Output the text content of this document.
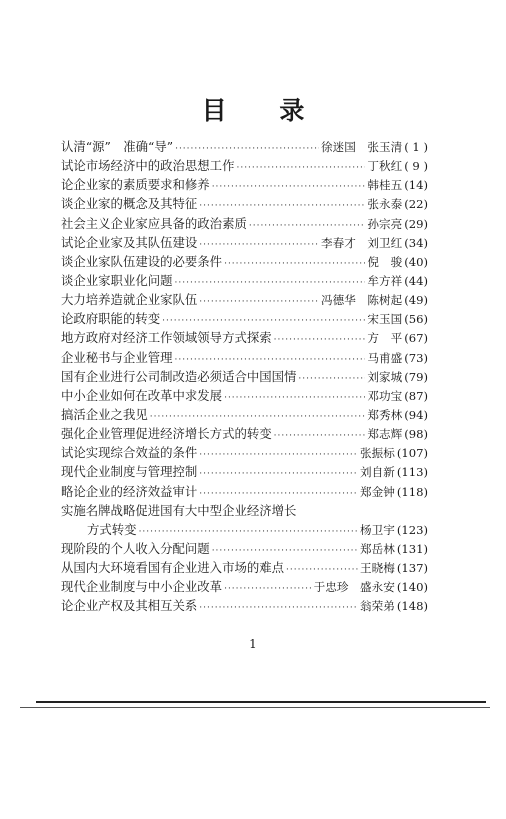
目 录
认清“源”　准确“导” ·····	徐迷国　张玉清 ( 1 )
试论市场经济中的政治思想工作 ·····	丁秋红 ( 9 )
论企业家的素质要求和修养 ·····	韩桂五 (14)
谈企业家的概念及其特征 ·····	张永泰 (22)
社会主义企业家应具备的政治素质 ·····	孙宗亮 (29)
试论企业家及其队伍建设 ·····	李春才　刘卫红 (34)
谈企业家队伍建设的必要条件 ·····	倪　骏 (40)
谈企业家职业化问题 ·····	牟方祥 (44)
大力培养造就企业家队伍 ·····	冯德华　陈树起 (49)
论政府职能的转变 ·····	宋玉国 (56)
地方政府对经济工作领域领导方式探索 ·····	方　平 (67)
企业秘书与企业管理 ·····	马甫盛 (73)
国有企业进行公司制改造必须适合中国国情 ·····	刘家城 (79)
中小企业如何在改革中求发展 ·····	邓功宝 (87)
搞活企业之我见 ·····	郑秀林 (94)
强化企业管理促进经济增长方式的转变 ·····	郑志辉 (98)
试论实现综合效益的条件 ·····	张振标 (107)
现代企业制度与管理控制 ·····	刘自新 (113)
略论企业的经济效益审计 ·····	郑金钟 (118)
实施名牌战略促进国有大中型企业经济增长
方式转变 ·····	杨卫宇 (123)
现阶段的个人收入分配问题 ·····	郑岳林 (131)
从国内大环境看国有企业进入市场的难点 ·····	王晓梅 (137)
现代企业制度与中小企业改革 ·····	于忠珍　盛永安 (140)
论企业产权及其相互关系 ·····	翁荣弟 (148)
1
